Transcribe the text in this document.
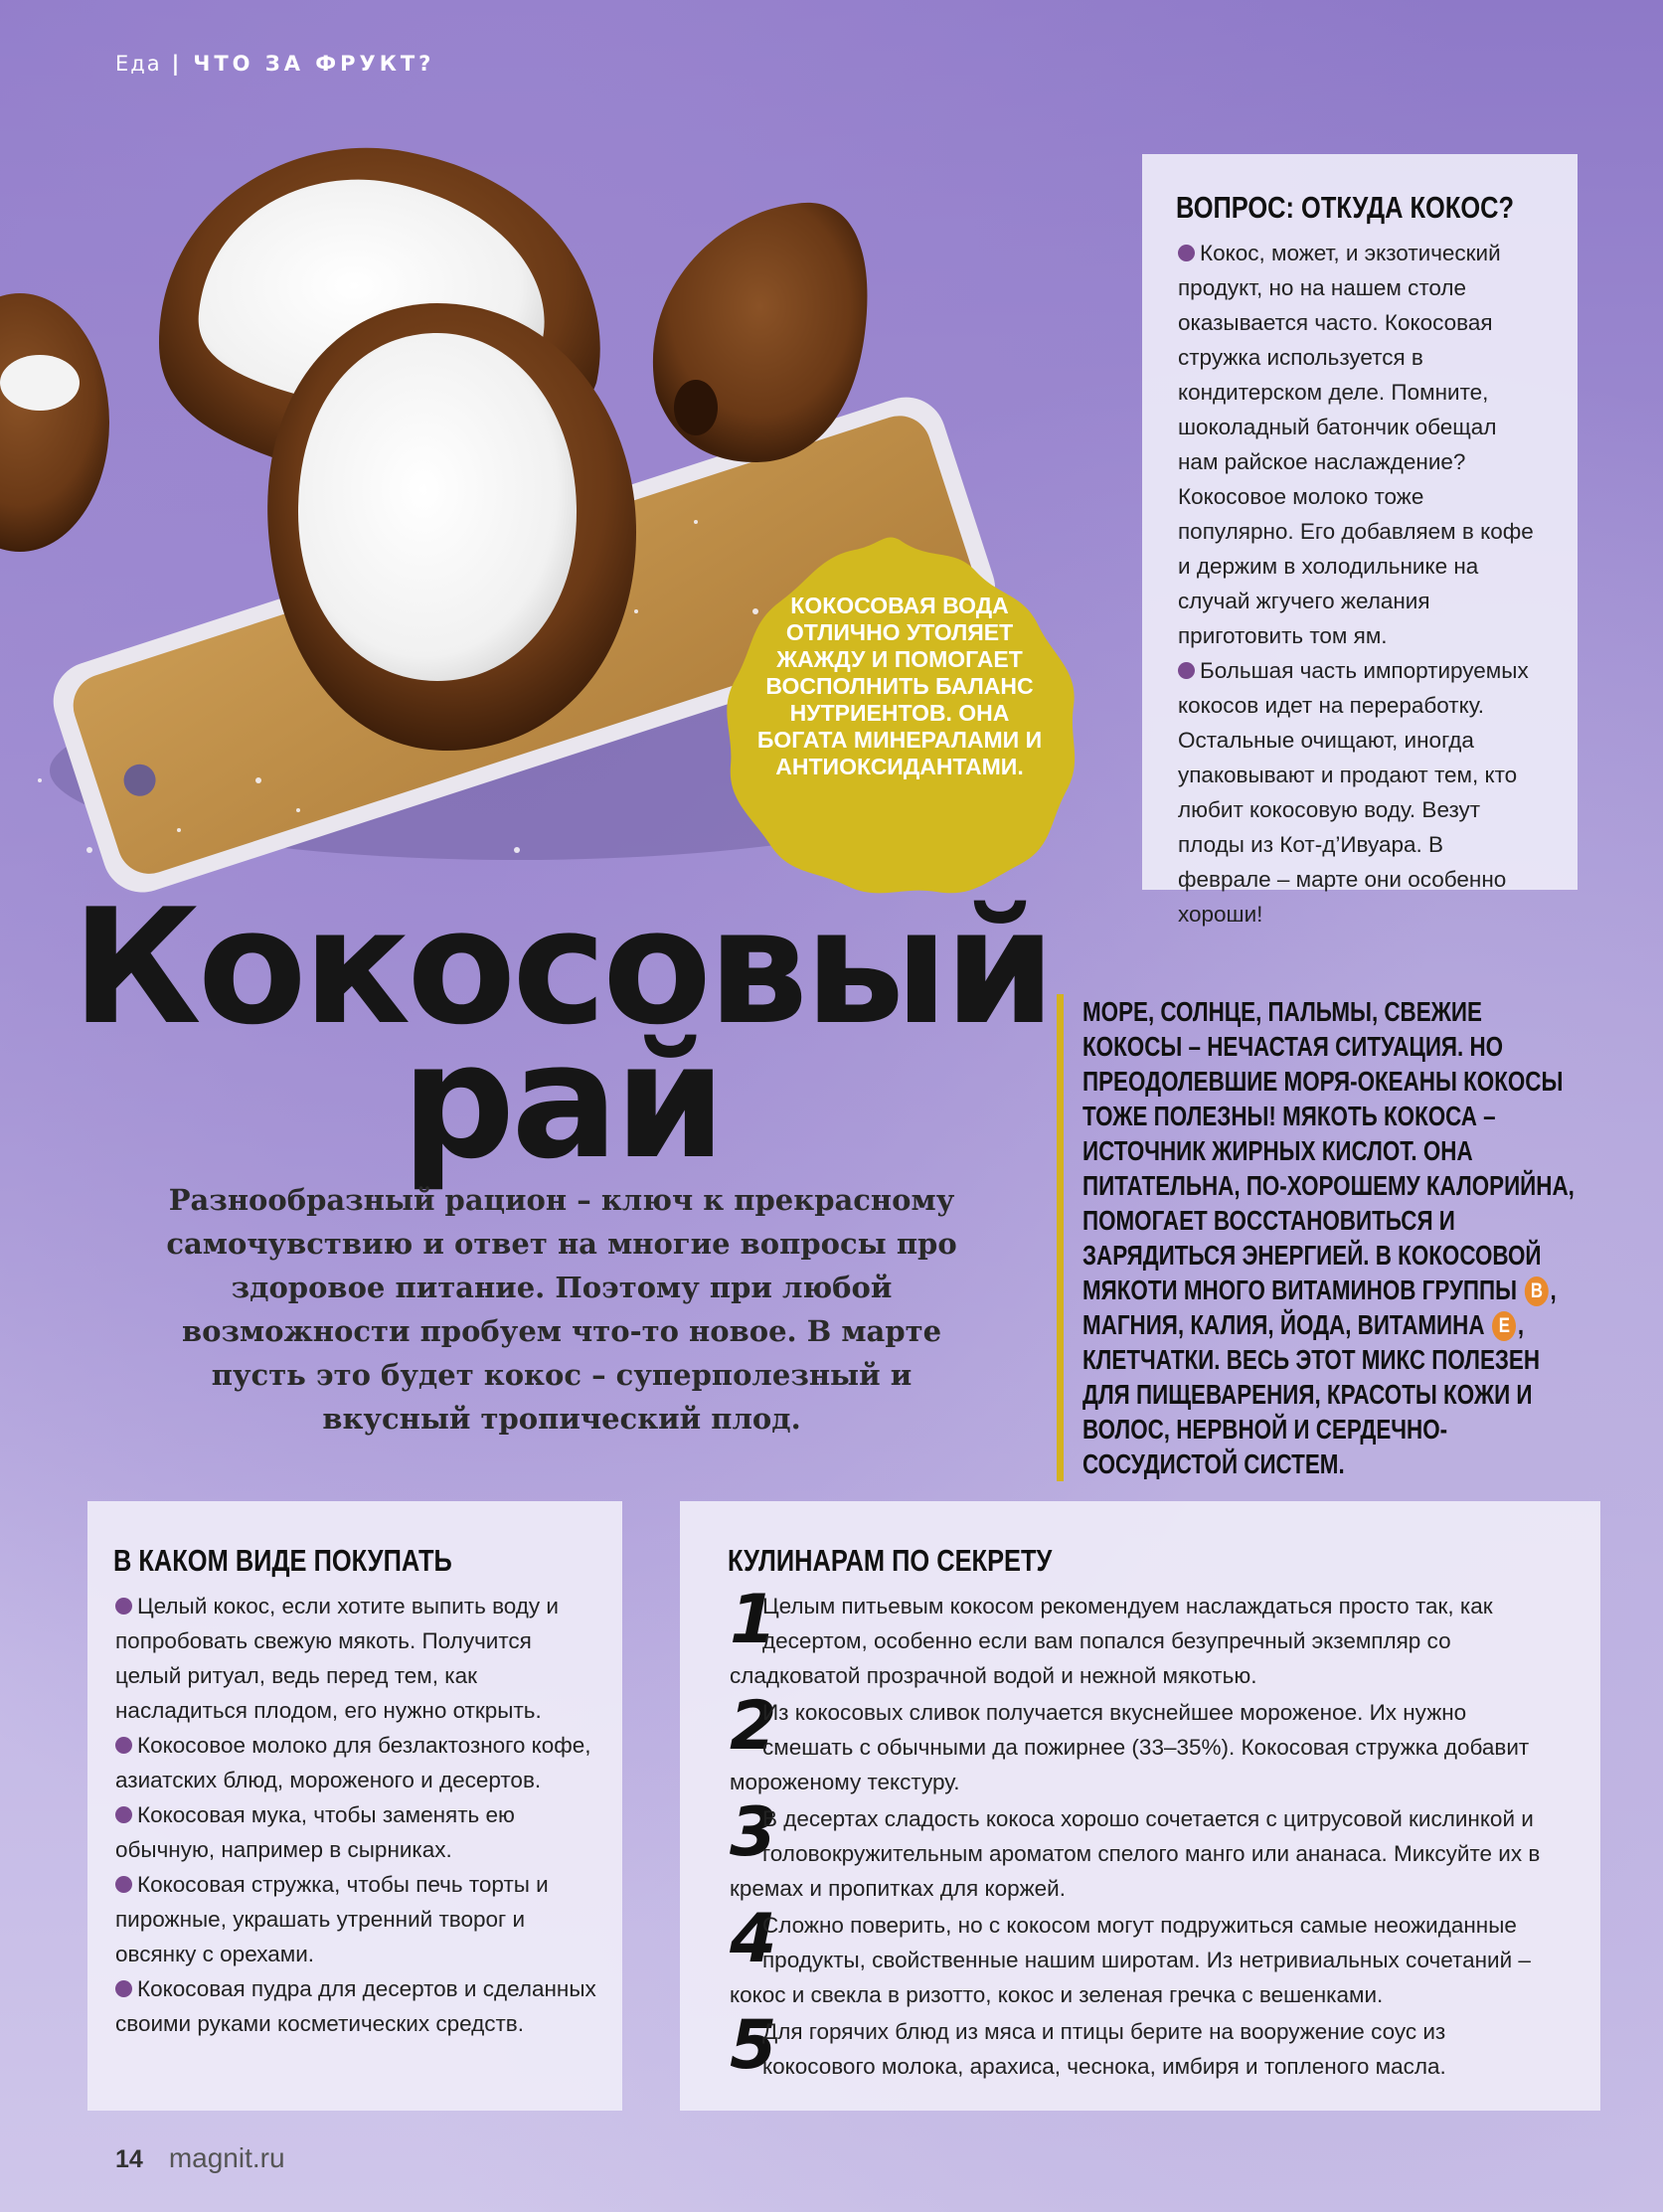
Еда | ЧТО ЗА ФРУКТ?
КОКОСОВАЯ ВОДА ОТЛИЧНО УТОЛЯЕТ ЖАЖДУ И ПОМОГАЕТ ВОСПОЛНИТЬ БАЛАНС НУТРИЕНТОВ. ОНА БОГАТА МИНЕРАЛАМИ И АНТИОКСИДАНТАМИ.
ВОПРОС: ОТКУДА КОКОС?

Кокос, может, и экзотический продукт, но на нашем столе оказывается часто. Кокосовая стружка используется в кондитерском деле. Помните, шоколадный батончик обещал нам райское наслаждение? Кокосовое молоко тоже популярно. Его добавляем в кофе и держим в холодильнике на случай жгучего желания приготовить том ям.

Большая часть импортируемых кокосов идет на переработку. Остальные очищают, иногда упаковывают и продают тем, кто любит кокосовую воду. Везут плоды из Кот-д’Ивуара. В феврале – марте они особенно хороши!

Кокосовый
рай
Разнообразный рацион – ключ к прекрасному самочувствию и ответ на многие вопросы про здоровое питание. Поэтому при любой возможности пробуем что-то новое. В марте пусть это будет кокос – суперполезный и вкусный тропический плод.
МОРЕ, СОЛНЦЕ, ПАЛЬМЫ, СВЕЖИЕ КОКОСЫ – НЕЧАСТАЯ СИТУАЦИЯ. НО ПРЕОДОЛЕВШИЕ МОРЯ-ОКЕАНЫ КОКОСЫ ТОЖЕ ПОЛЕЗНЫ! МЯКОТЬ КОКОСА – ИСТОЧНИК ЖИРНЫХ КИСЛОТ. ОНА ПИТАТЕЛЬНА, ПО-ХОРОШЕМУ КАЛОРИЙНА, ПОМОГАЕТ ВОССТАНОВИТЬСЯ И ЗАРЯДИТЬСЯ ЭНЕРГИЕЙ. В КОКОСОВОЙ МЯКОТИ МНОГО ВИТАМИНОВ ГРУППЫ B , МАГНИЯ, КАЛИЯ, ЙОДА, ВИТАМИНА E , КЛЕТЧАТКИ. ВЕСЬ ЭТОТ МИКС ПОЛЕЗЕН ДЛЯ ПИЩЕВАРЕНИЯ, КРАСОТЫ КОЖИ И ВОЛОС, НЕРВНОЙ И СЕРДЕЧНО-СОСУДИСТОЙ СИСТЕМ.
В КАКОМ ВИДЕ ПОКУПАТЬ

Целый кокос, если хотите выпить воду и попробовать свежую мякоть. Получится целый ритуал, ведь перед тем, как насладиться плодом, его нужно открыть.

Кокосовое молоко для безлактозного кофе, азиатских блюд, мороженого и десертов.

Кокосовая мука, чтобы заменять ею обычную, например в сырниках.

Кокосовая стружка, чтобы печь торты и пирожные, украшать утренний творог и овсянку с орехами.

Кокосовая пудра для десертов и сделанных своими руками косметических средств.

КУЛИНАРАМ ПО СЕКРЕТУ
1
Целым питьевым кокосом рекомендуем наслаждаться просто так, как десертом, особенно если вам попался безупречный экземпляр со сладковатой прозрачной водой и нежной мякотью.
2
Из кокосовых сливок получается вкуснейшее мороженое. Их нужно смешать с обычными да пожирнее (33–35%). Кокосовая стружка добавит мороженому текстуру.
3
В десертах сладость кокоса хорошо сочетается с цитрусовой кислинкой и головокружительным ароматом спелого манго или ананаса. Миксуйте их в кремах и пропитках для коржей.
4
Сложно поверить, но с кокосом могут подружиться самые неожиданные продукты, свойственные нашим широтам. Из нетривиальных сочетаний – кокос и свекла в ризотто, кокос и зеленая гречка с вешенками.
5
Для горячих блюд из мяса и птицы берите на вооружение соус из кокосового молока, арахиса, чеснока, имбиря и топленого масла.
14 magnit.ru
